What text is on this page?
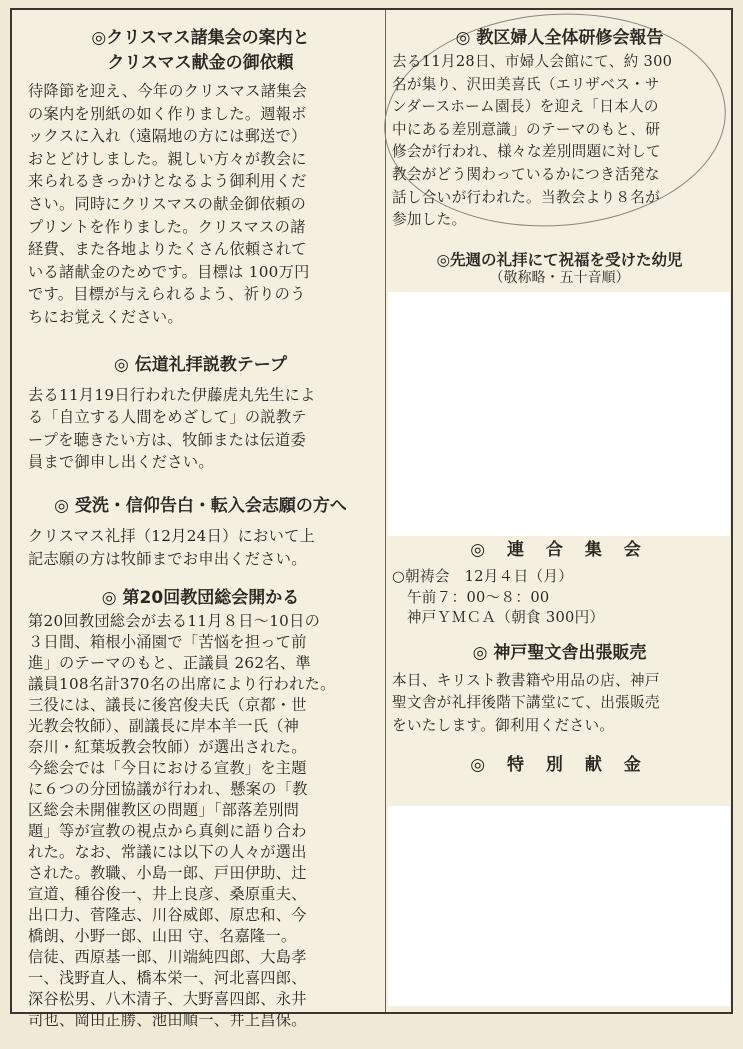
◎クリスマス諸集会の案内と
クリスマス献金の御依頼

待降節を迎え、今年のクリスマス諸集会

の案内を別紙の如く作りました。週報ボ

ックスに入れ（遠隔地の方には郵送で）

おとどけしました。親しい方々が教会に

来られるきっかけとなるよう御利用くだ

さい。同時にクリスマスの献金御依頼の

プリントを作りました。クリスマスの諸

経費、また各地よりたくさん依頼されて

いる諸献金のためです。目標は 100万円

です。目標が与えられるよう、祈りのう

ちにお覚えください。

◎ 伝道礼拝説教テープ

去る11月19日行われた伊藤虎丸先生によ

る「自立する人間をめざして」の説教テ

ープを聴きたい方は、牧師または伝道委

員まで御申し出ください。

◎ 受洗・信仰告白・転入会志願の方へ

クリスマス礼拝（12月24日）において上

記志願の方は牧師までお申出ください。

◎ 第20回教団総会開かる

第20回教団総会が去る11月８日〜10日の

３日間、箱根小涌園で「苦悩を担って前

進」のテーマのもと、正議員 262名、準

議員108名計370名の出席により行われた。

三役には、議長に後宮俊夫氏（京都・世

光教会牧師）、副議長に岸本羊一氏（神

奈川・紅葉坂教会牧師）が選出された。

今総会では「今日における宣教」を主題

に６つの分団協議が行われ、懸案の「教

区総会未開催教区の問題」「部落差別問

題」等が宣教の視点から真剣に語り合わ

れた。なお、常議には以下の人々が選出

された。教職、小島一郎、戸田伊助、辻

宣道、種谷俊一、井上良彦、桑原重夫、

出口力、菅隆志、川谷威郎、原忠和、今

橋朗、小野一郎、山田 守、名嘉隆一。

信徒、西原基一郎、川端純四郎、大島孝

一、浅野直人、橋本栄一、河北喜四郎、

深谷松男、八木清子、大野喜四郎、永井

司也、岡田正勝、池田順一、井上昌保。

◎ 教区婦人全体研修会報告

去る11月28日、市婦人会館にて、約 300

名が集り、沢田美喜氏（エリザベス・サ

ンダースホーム園長）を迎え「日本人の

中にある差別意識」のテーマのもと、研

修会が行われ、様々な差別問題に対して

教会がどう関わっているかにつき活発な

話し合いが行われた。当教会より８名が

参加した。

◎先週の礼拝にて祝福を受けた幼児
（敬称略・五十音順）
◎ 連 合 集 会

○朝祷会　12月４日（月）

　午前７：00〜８：00

　神戸ＹＭＣＡ（朝食 300円）

◎ 神戸聖文舎出張販売

本日、キリスト教書籍や用品の店、神戸

聖文舎が礼拝後階下講堂にて、出張販売

をいたします。御利用ください。

◎ 特 別 献 金
